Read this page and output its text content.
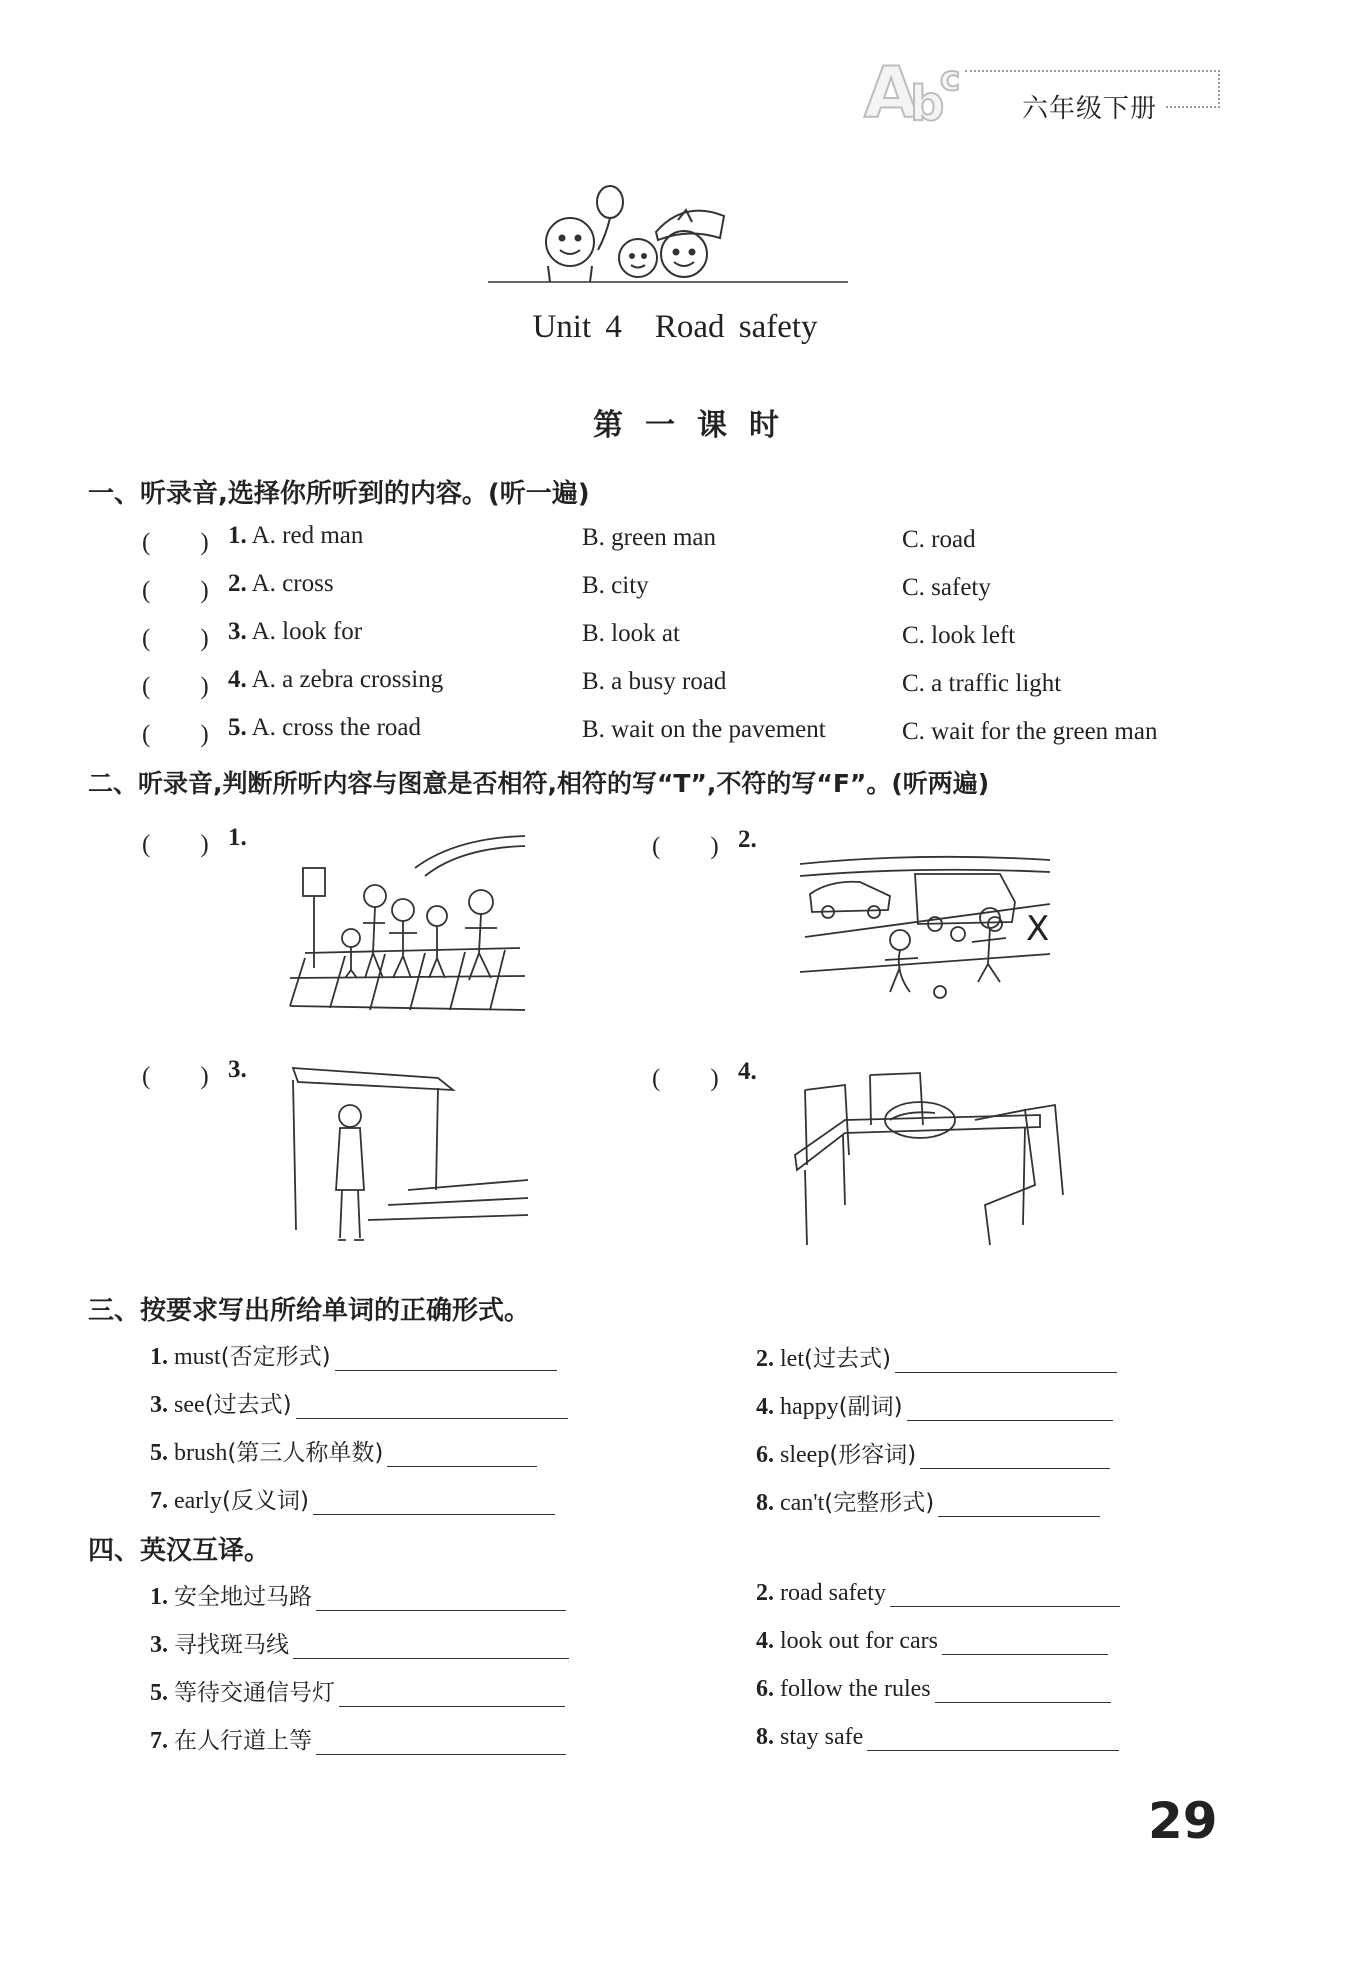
A
b
c
六年级下册
Unit 4　Road safety
第一课时
一、听录音,选择你所听到的内容。(听一遍)
(　　) 1. A. red man	B. green man	C. road
(　　) 2. A. cross	B. city	C. safety
(　　) 3. A. look for	B. look at	C. look left
(　　) 4. A. a zebra crossing	B. a busy road	C. a traffic light
(　　) 5. A. cross the road	B. wait on the pavement	C. wait for the green man
二、听录音,判断所听内容与图意是否相符,相符的写“T”,不符的写“F”。(听两遍)
(　　) 1.	(　　) 2.
(　　) 3.	(　　) 4.
X
三、按要求写出所给单词的正确形式。
1. must(否定形式)	2. let(过去式)
3. see(过去式)	4. happy(副词)
5. brush(第三人称单数)	6. sleep(形容词)
7. early(反义词)	8. can't(完整形式)
四、英汉互译。
1. 安全地过马路	2. road safety
3. 寻找斑马线	4. look out for cars
5. 等待交通信号灯	6. follow the rules
7. 在人行道上等	8. stay safe
29
